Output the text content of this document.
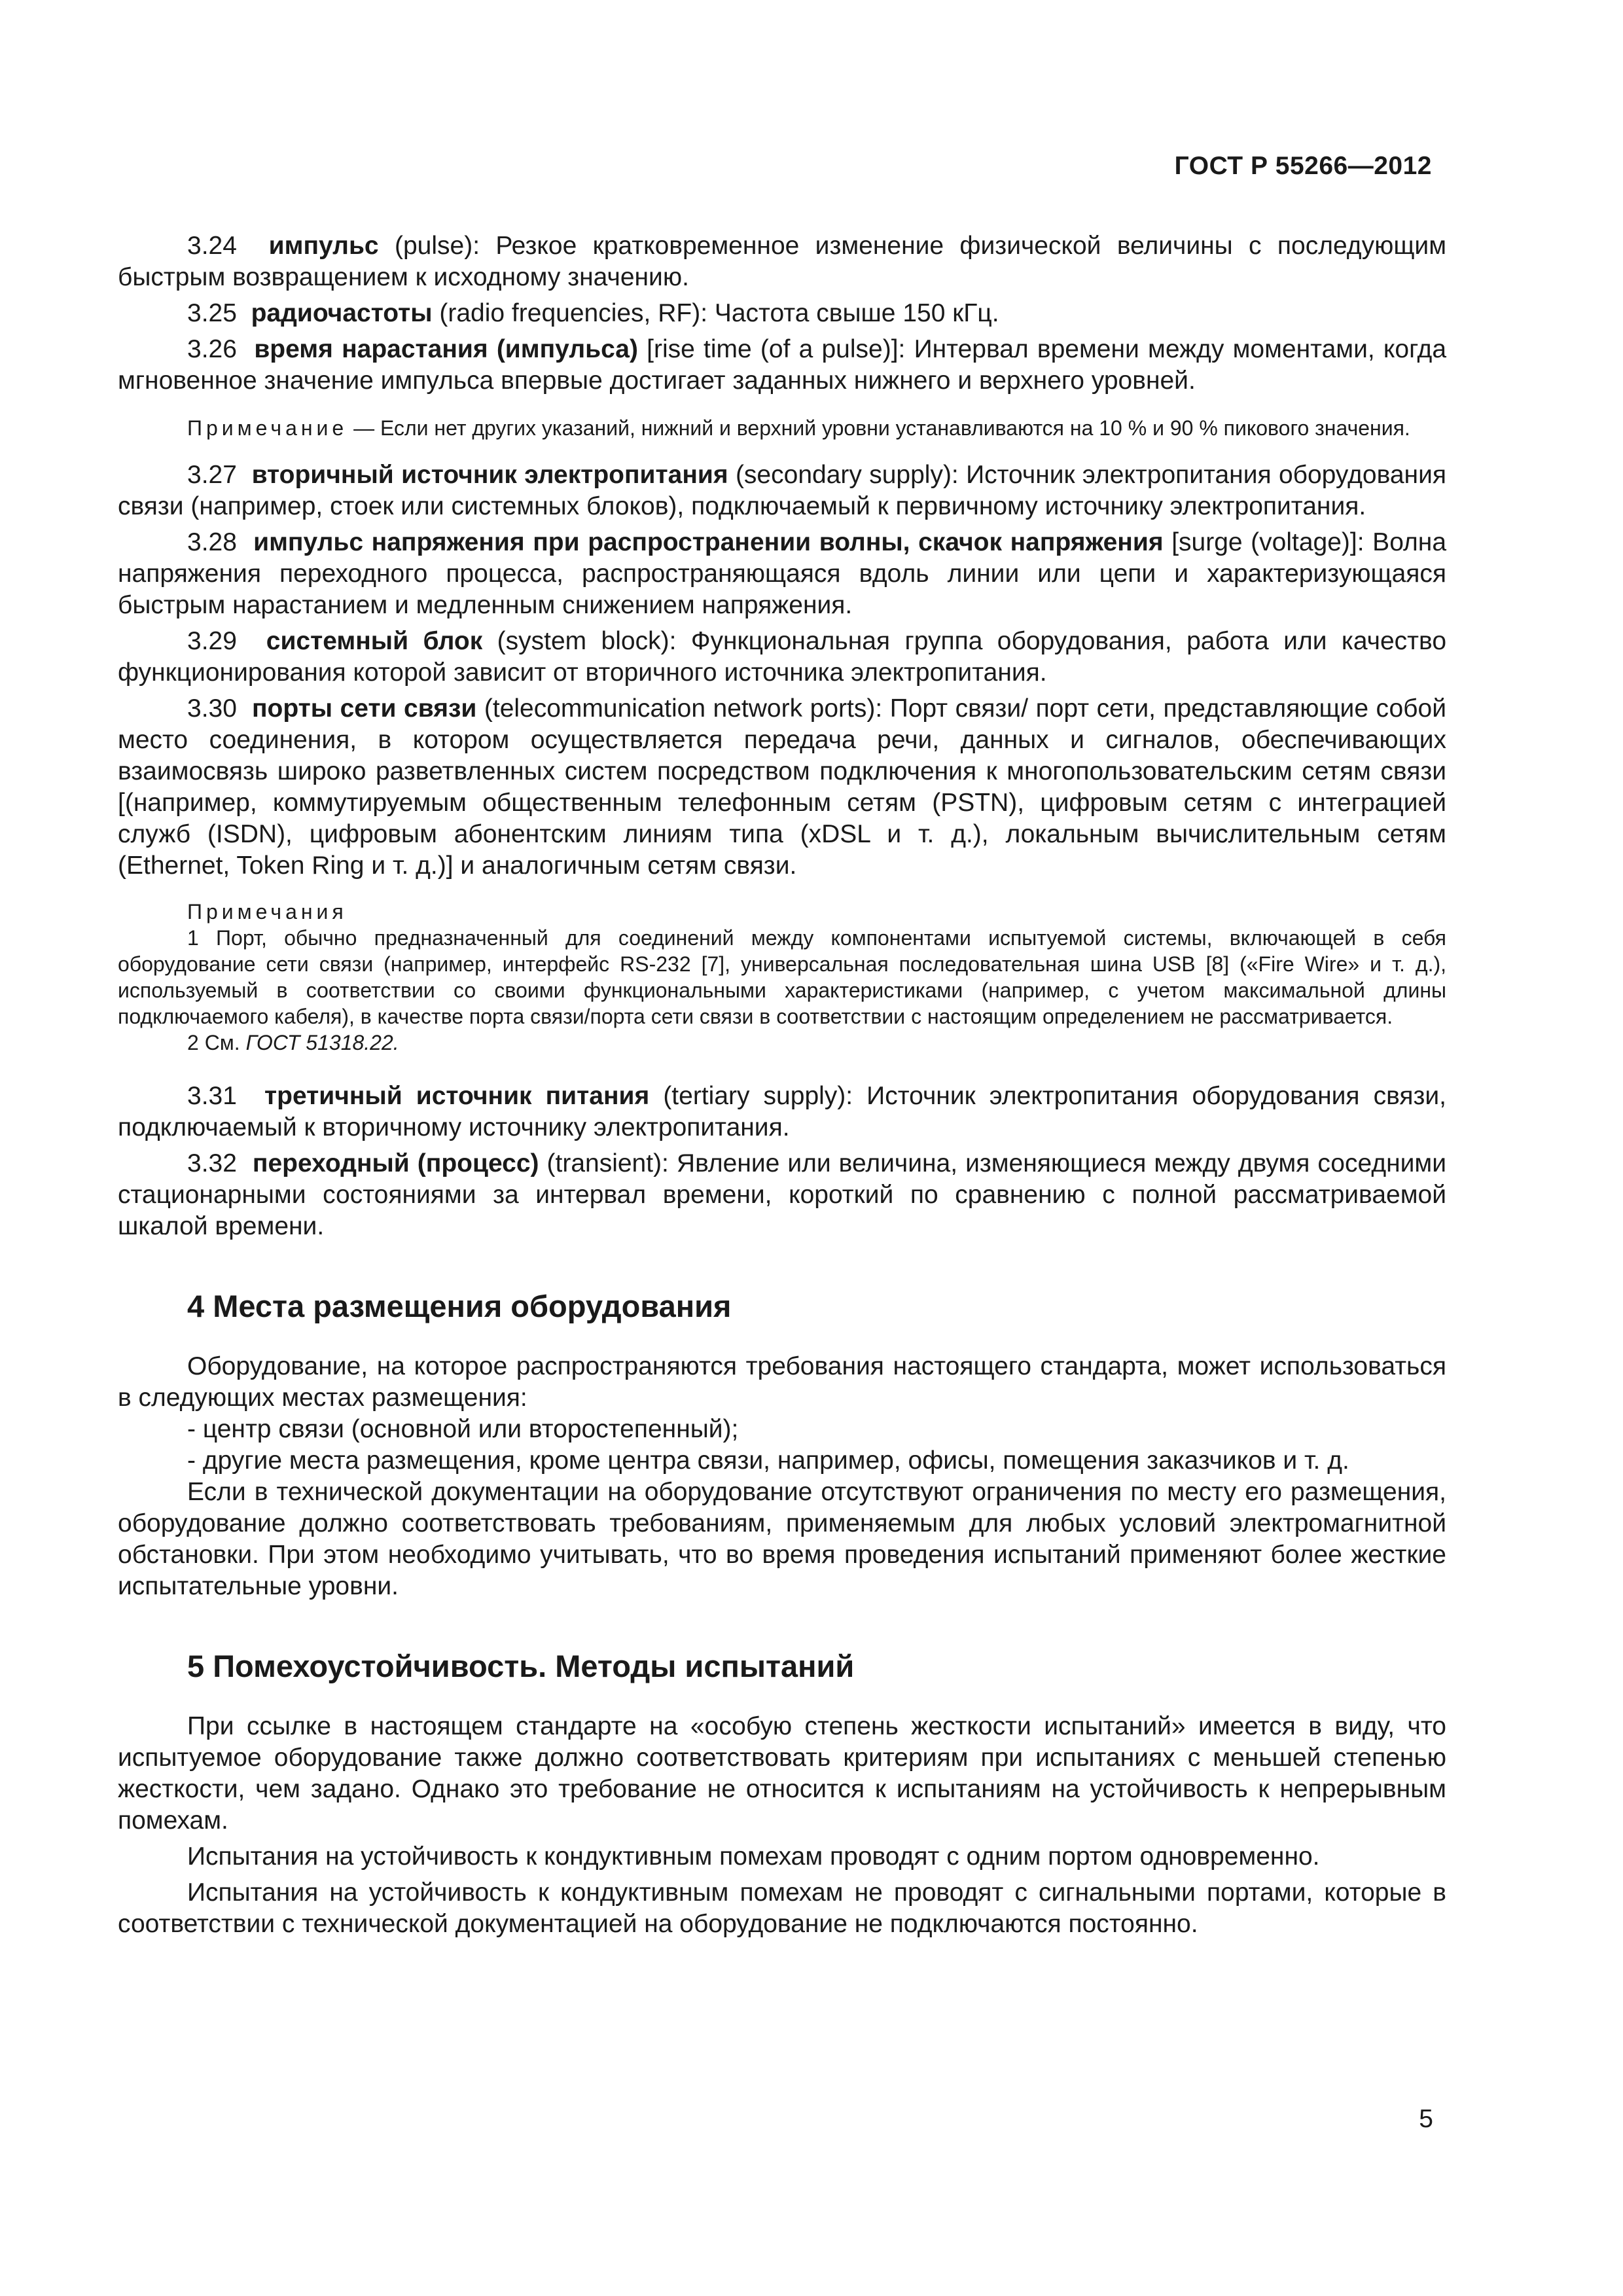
ГОСТ Р 55266—2012

3.24 импульс (pulse): Резкое кратковременное изменение физической величины с последующим быстрым возвращением к исходному значению.

3.25 радиочастоты (radio frequencies, RF): Частота свыше 150 кГц.

3.26 время нарастания (импульса) [rise time (of a pulse)]: Интервал времени между моментами, когда мгновенное значение импульса впервые достигает заданных нижнего и верхнего уровней.

Примечание — Если нет других указаний, нижний и верхний уровни устанавливаются на 10 % и 90 % пикового значения.

3.27 вторичный источник электропитания (secondary supply): Источник электропитания оборудования связи (например, стоек или системных блоков), подключаемый к первичному источнику электропитания.

3.28 импульс напряжения при распространении волны, скачок напряжения [surge (voltage)]: Волна напряжения переходного процесса, распространяющаяся вдоль линии или цепи и характеризующаяся быстрым нарастанием и медленным снижением напряжения.

3.29 системный блок (system block): Функциональная группа оборудования, работа или качество функционирования которой зависит от вторичного источника электропитания.

3.30 порты сети связи (telecommunication network ports): Порт связи/ порт сети, представляющие собой место соединения, в котором осуществляется передача речи, данных и сигналов, обеспечивающих взаимосвязь широко разветвленных систем посредством подключения к многопользовательским сетям связи [(например, коммутируемым общественным телефонным сетям (PSTN), цифровым сетям с интеграцией служб (ISDN), цифровым абонентским линиям типа (xDSL и т. д.), локальным вычислительным сетям (Ethernet, Token Ring и т. д.)] и аналогичным сетям связи.

Примечания

1 Порт, обычно предназначенный для соединений между компонентами испытуемой системы, включающей в себя оборудование сети связи (например, интерфейс RS-232 [7], универсальная последовательная шина USB [8] («Fire Wire» и т. д.), используемый в соответствии со своими функциональными характеристиками (например, с учетом максимальной длины подключаемого кабеля), в качестве порта связи/порта сети связи в соответствии с настоящим определением не рассматривается.

2 См. ГОСТ 51318.22.

3.31 третичный источник питания (tertiary supply): Источник электропитания оборудования связи, подключаемый к вторичному источнику электропитания.

3.32 переходный (процесс) (transient): Явление или величина, изменяющиеся между двумя соседними стационарными состояниями за интервал времени, короткий по сравнению с полной рассматриваемой шкалой времени.

4 Места размещения оборудования

Оборудование, на которое распространяются требования настоящего стандарта, может использоваться в следующих местах размещения:

- центр связи (основной или второстепенный);

- другие места размещения, кроме центра связи, например, офисы, помещения заказчиков и т. д.

Если в технической документации на оборудование отсутствуют ограничения по месту его размещения, оборудование должно соответствовать требованиям, применяемым для любых условий электромагнитной обстановки. При этом необходимо учитывать, что во время проведения испытаний применяют более жесткие испытательные уровни.

5 Помехоустойчивость. Методы испытаний

При ссылке в настоящем стандарте на «особую степень жесткости испытаний» имеется в виду, что испытуемое оборудование также должно соответствовать критериям при испытаниях с меньшей степенью жесткости, чем задано. Однако это требование не относится к испытаниям на устойчивость к непрерывным помехам.

Испытания на устойчивость к кондуктивным помехам проводят с одним портом одновременно.

Испытания на устойчивость к кондуктивным помехам не проводят с сигнальными портами, которые в соответствии с технической документацией на оборудование не подключаются постоянно.

5
